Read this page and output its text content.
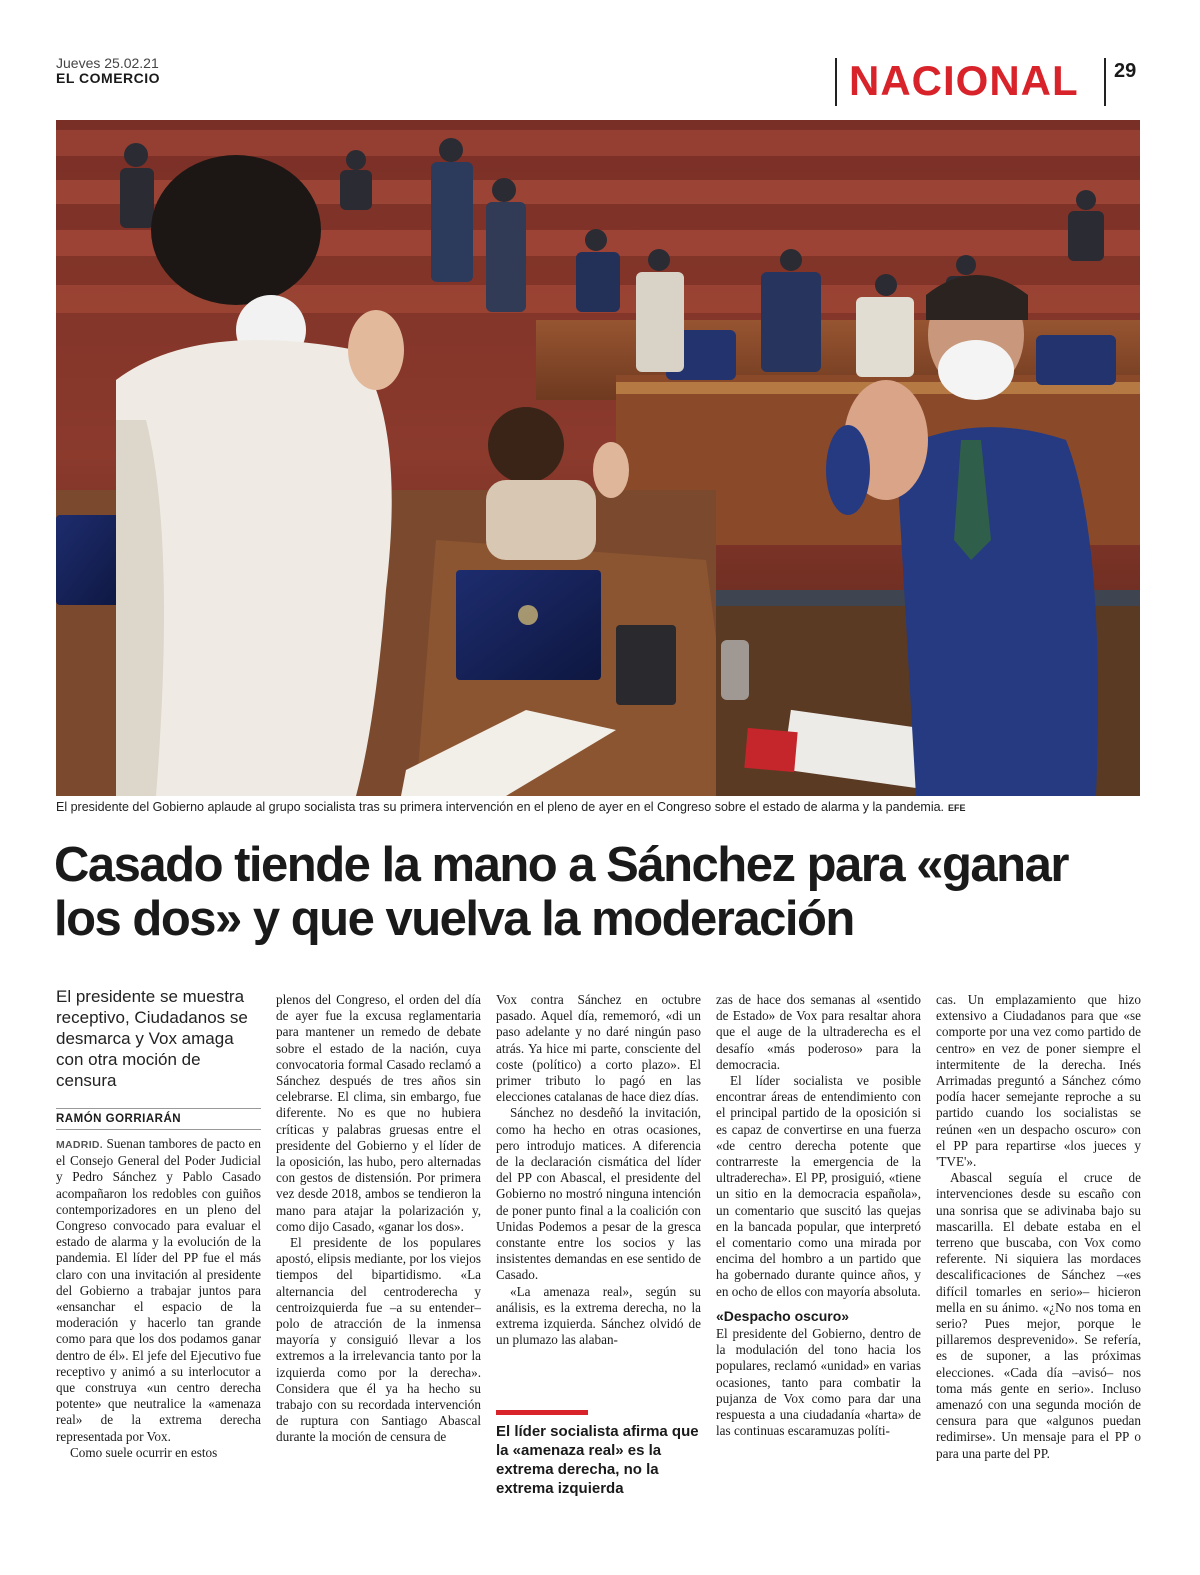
Jueves 25.02.21
EL COMERCIO	NACIONAL 29
El presidente del Gobierno aplaude al grupo socialista tras su primera intervención en el pleno de ayer en el Congreso sobre el estado de alarma y la pandemia. EFE
Casado tiende la mano a Sánchez para «ganar los dos» y que vuelva la moderación
El presidente se muestra receptivo, Ciudadanos se desmarca y Vox amaga con otra moción de censura
RAMÓN GORRIARÁN

MADRID. Suenan tambores de pacto en el Consejo General del Poder Judicial y Pedro Sánchez y Pablo Casado acompañaron los redobles con guiños contemporizadores en un pleno del Congreso convocado para evaluar el estado de alarma y la evolución de la pandemia. El líder del PP fue el más claro con una invitación al presidente del Gobierno a trabajar juntos para «ensanchar el espacio de la moderación y hacerlo tan grande como para que los dos podamos ganar dentro de él». El jefe del Ejecutivo fue receptivo y animó a su interlocutor a que construya «un centro derecha potente» que neutralice la «amenaza real» de la extrema derecha representada por Vox.

Como suele ocurrir en estos

plenos del Congreso, el orden del día de ayer fue la excusa reglamentaria para mantener un remedo de debate sobre el estado de la nación, cuya convocatoria formal Casado reclamó a Sánchez después de tres años sin celebrarse. El clima, sin embargo, fue diferente. No es que no hubiera críticas y palabras gruesas entre el presidente del Gobierno y el líder de la oposición, las hubo, pero alternadas con gestos de distensión. Por primera vez desde 2018, ambos se tendieron la mano para atajar la polarización y, como dijo Casado, «ganar los dos».

El presidente de los populares apostó, elipsis mediante, por los viejos tiempos del bipartidismo. «La alternancia del centroderecha y centroizquierda fue –a su entender– polo de atracción de la inmensa mayoría y consiguió llevar a los extremos a la irrelevancia tanto por la izquierda como por la derecha». Considera que él ya ha hecho su trabajo con su recordada intervención de ruptura con Santiago Abascal durante la moción de censura de

Vox contra Sánchez en octubre pasado. Aquel día, rememoró, «di un paso adelante y no daré ningún paso atrás. Ya hice mi parte, consciente del coste (político) a corto plazo». El primer tributo lo pagó en las elecciones catalanas de hace diez días.

Sánchez no desdeñó la invitación, como ha hecho en otras ocasiones, pero introdujo matices. A diferencia de la declaración cismática del líder del PP con Abascal, el presidente del Gobierno no mostró ninguna intención de poner punto final a la coalición con Unidas Podemos a pesar de la gresca constante entre los socios y las insistentes demandas en ese sentido de Casado.

«La amenaza real», según su análisis, es la extrema derecha, no la extrema izquierda. Sánchez olvidó de un plumazo las alaban-

El líder socialista afirma que la «amenaza real» es la extrema derecha, no la extrema izquierda

zas de hace dos semanas al «sentido de Estado» de Vox para resaltar ahora que el auge de la ultraderecha es el desafío «más poderoso» para la democracia.

El líder socialista ve posible encontrar áreas de entendimiento con el principal partido de la oposición si es capaz de convertirse en una fuerza «de centro derecha potente que contrarreste la emergencia de la ultraderecha». El PP, prosiguió, «tiene un sitio en la democracia española», un comentario que suscitó las quejas en la bancada popular, que interpretó el comentario como una mirada por encima del hombro a un partido que ha gobernado durante quince años, y en ocho de ellos con mayoría absoluta.

«Despacho oscuro»

El presidente del Gobierno, dentro de la modulación del tono hacia los populares, reclamó «unidad» en varias ocasiones, tanto para combatir la pujanza de Vox como para dar una respuesta a una ciudadanía «harta» de las continuas escaramuzas políti-

cas. Un emplazamiento que hizo extensivo a Ciudadanos para que «se comporte por una vez como partido de centro» en vez de poner siempre el intermitente de la derecha. Inés Arrimadas preguntó a Sánchez cómo podía hacer semejante reproche a su partido cuando los socialistas se reúnen «en un despacho oscuro» con el PP para repartirse «los jueces y 'TVE'».

Abascal seguía el cruce de intervenciones desde su escaño con una sonrisa que se adivinaba bajo su mascarilla. El debate estaba en el terreno que buscaba, con Vox como referente. Ni siquiera las mordaces descalificaciones de Sánchez –«es difícil tomarles en serio»– hicieron mella en su ánimo. «¿No nos toma en serio? Pues mejor, porque le pillaremos desprevenido». Se refería, es de suponer, a las próximas elecciones. «Cada día –avisó– nos toma más gente en serio». Incluso amenazó con una segunda moción de censura para que «algunos puedan redimirse». Un mensaje para el PP o para una parte del PP.
